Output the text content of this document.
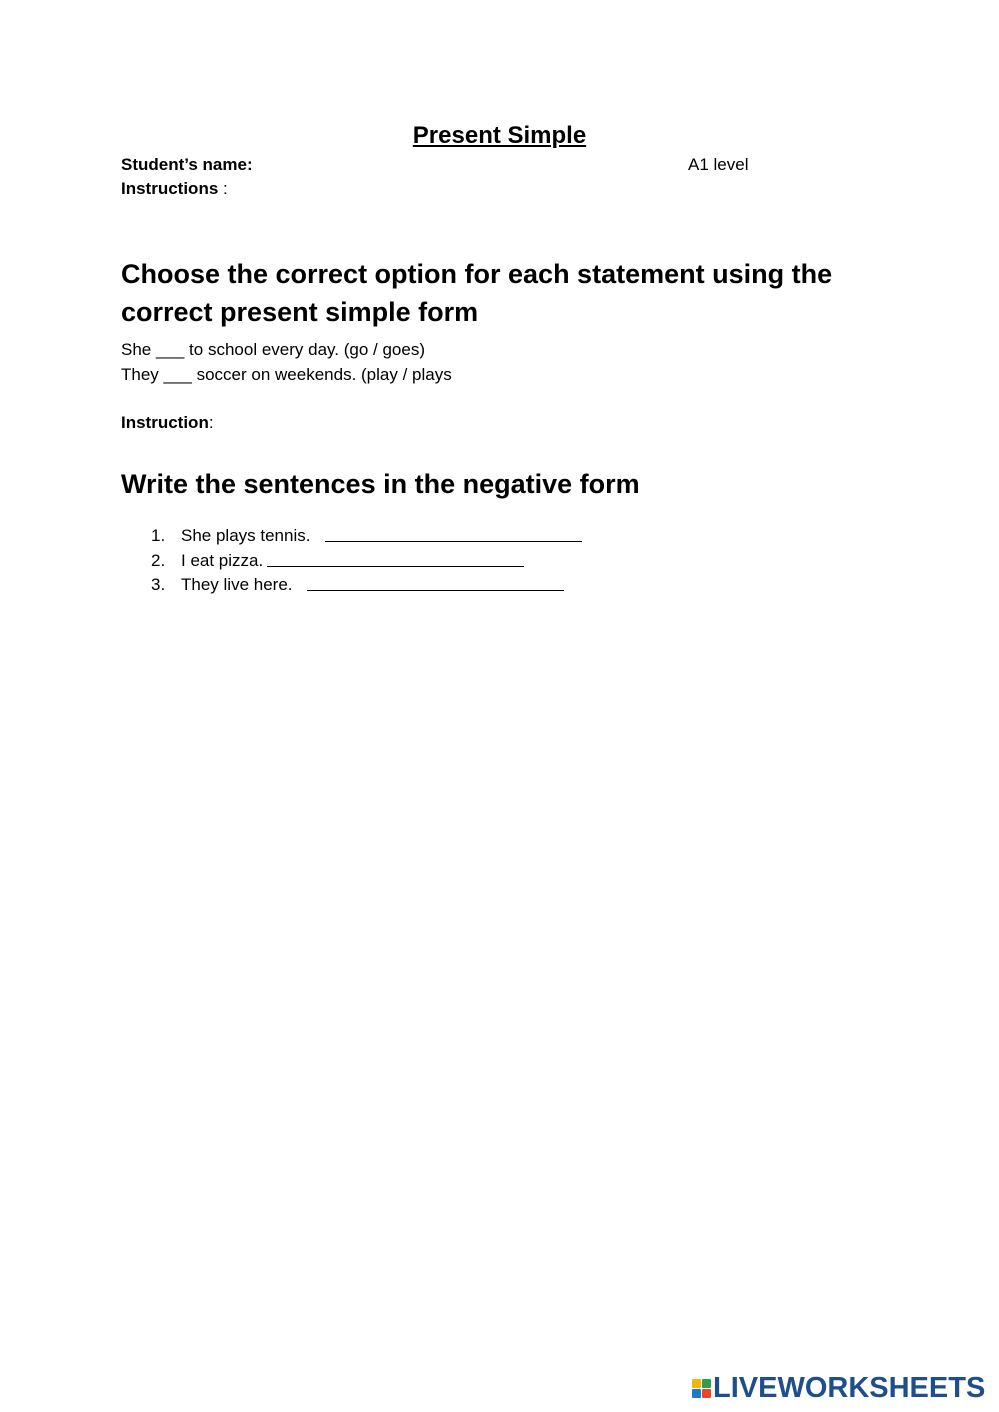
Present Simple
Student’s name:	A1 level
Instructions :
Choose the correct option for each statement using the correct present simple form
She ___ to school every day. (go / goes)
They ___ soccer on weekends. (play / plays
Instruction:
Write the sentences in the negative form
1. She plays tennis.
2. I eat pizza.
3. They live here.
LIVEWORKSHEETS
